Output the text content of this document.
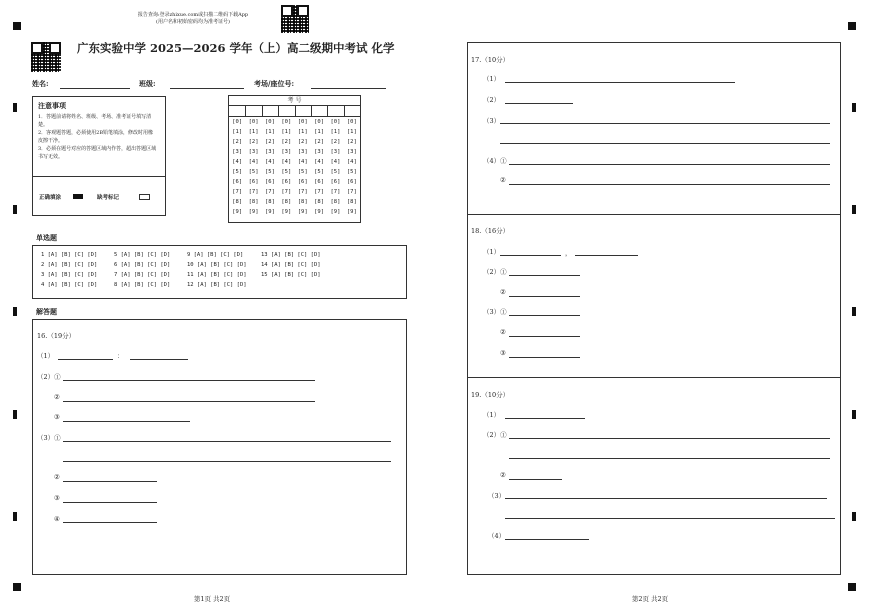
报告查询:登录zhixue.com或扫描二维码下载App
(用户名和初始密码均为准考证号)
广东实验中学 2025—2026 学年（上）高二级期中考试 化学
姓名:	班级:	考场/座位号:
注意事项
1．答题前请将姓名、班级、考场、准考证号填写清楚。
2．客观题答题，必须使用2B铅笔填涂，修改时用橡皮擦干净。
3．必须在题号对应的答题区域内作答，超出答题区域书写无效。
正确填涂	缺考标记
考 号
[0] [0] [0] [0] [0] [0] [0] [0]
[1] [1] [1] [1] [1] [1] [1] [1]
[2] [2] [2] [2] [2] [2] [2] [2]
[3] [3] [3] [3] [3] [3] [3] [3]
[4] [4] [4] [4] [4] [4] [4] [4]
[5] [5] [5] [5] [5] [5] [5] [5]
[6] [6] [6] [6] [6] [6] [6] [6]
[7] [7] [7] [7] [7] [7] [7] [7]
[8] [8] [8] [8] [8] [8] [8] [8]
[9] [9] [9] [9] [9] [9] [9] [9]
单选题
1 [A] [B] [C] [D]
2 [A] [B] [C] [D]
3 [A] [B] [C] [D]
4 [A] [B] [C] [D]
5 [A] [B] [C] [D]
6 [A] [B] [C] [D]
7 [A] [B] [C] [D]
8 [A] [B] [C] [D]
9 [A] [B] [C] [D]
10 [A] [B] [C] [D]
11 [A] [B] [C] [D]
12 [A] [B] [C] [D]
13 [A] [B] [C] [D]
14 [A] [B] [C] [D]
15 [A] [B] [C] [D]
解答题
16.（19分）
（1）	：
（2）①
②
③
（3）①
②
③
④
第1页 共2页
17.（10分）
（1）
（2）
（3）
（4）①
②
18.（16分）
（1）	，
（2）①
②
（3）①
②
③
19.（10分）
（1）
（2）①
②
（3）
（4）
第2页 共2页
